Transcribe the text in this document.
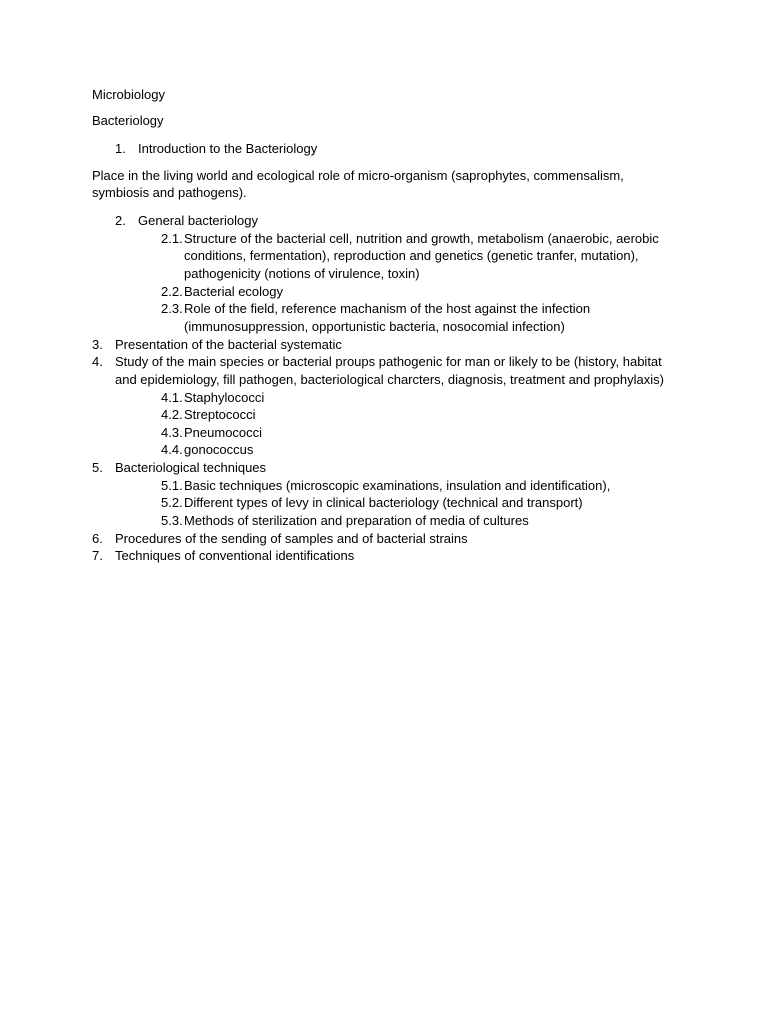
Microbiology
Bacteriology
1. Introduction to the Bacteriology
Place in the living world and ecological role of micro-organism (saprophytes, commensalism,
symbiosis and pathogens).
2. General bacteriology
2.1. Structure of the bacterial cell, nutrition and growth, metabolism (anaerobic, aerobic
conditions, fermentation), reproduction and genetics (genetic tranfer, mutation),
pathogenicity (notions of virulence, toxin)
2.2. Bacterial ecology
2.3. Role of the field, reference machanism of the host against the infection
(immunosuppression, opportunistic bacteria, nosocomial infection)
3. Presentation of the bacterial systematic
4. Study of the main species or bacterial proups pathogenic for man or likely to be (history, habitat
and epidemiology, fill pathogen, bacteriological charcters, diagnosis, treatment and prophylaxis)
4.1. Staphylococci
4.2. Streptococci
4.3. Pneumococci
4.4. gonococcus
5. Bacteriological techniques
5.1. Basic techniques (microscopic examinations, insulation and identification),
5.2. Different types of levy in clinical bacteriology (technical and transport)
5.3. Methods of sterilization and preparation of media of cultures
6. Procedures of the sending of samples and of bacterial strains
7. Techniques of conventional identifications
